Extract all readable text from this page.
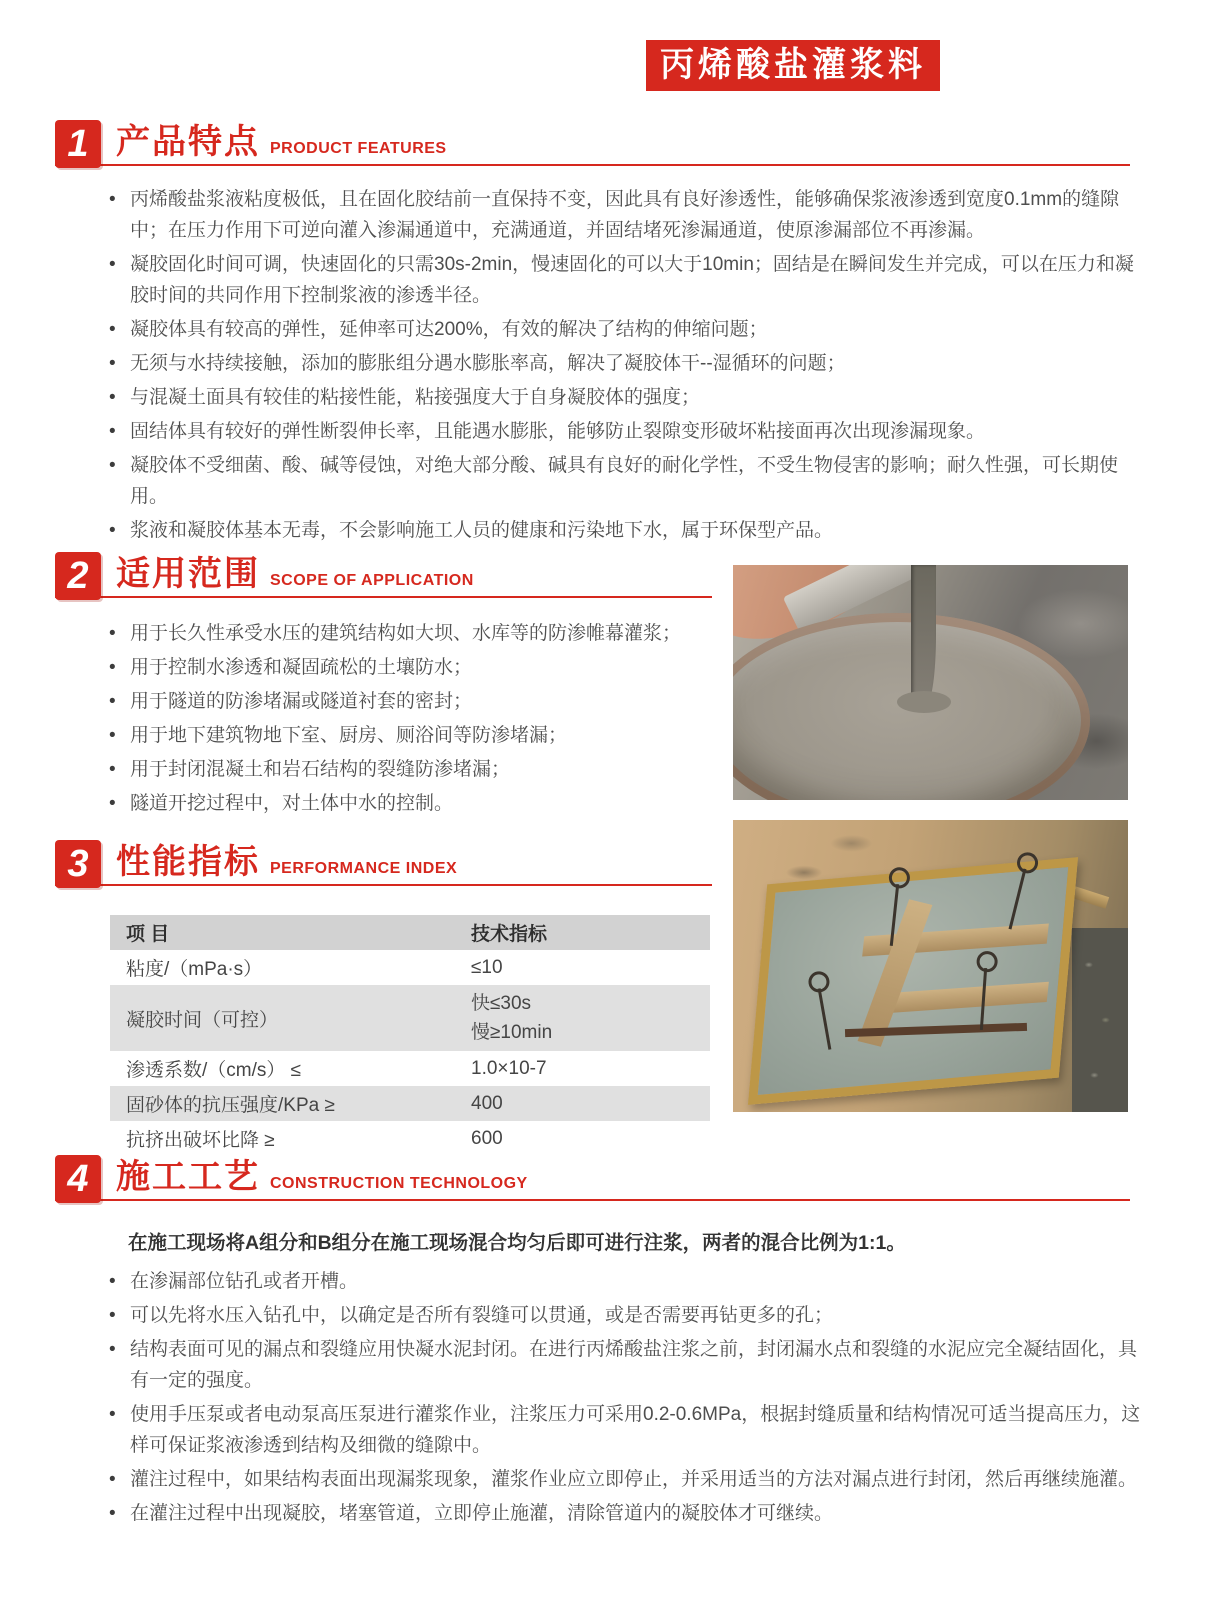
丙烯酸盐灌浆料
1 产品特点 PRODUCT FEATURES
• 丙烯酸盐浆液粘度极低，且在固化胶结前一直保持不变，因此具有良好渗透性，能够确保浆液渗透到宽度0.1mm的缝隙中；在压力作用下可逆向灌入渗漏通道中，充满通道，并固结堵死渗漏通道，使原渗漏部位不再渗漏。
• 凝胶固化时间可调，快速固化的只需30s-2min，慢速固化的可以大于10min；固结是在瞬间发生并完成，可以在压力和凝胶时间的共同作用下控制浆液的渗透半径。
• 凝胶体具有较高的弹性，延伸率可达200%，有效的解决了结构的伸缩问题；
• 无须与水持续接触，添加的膨胀组分遇水膨胀率高，解决了凝胶体干--湿循环的问题；
• 与混凝土面具有较佳的粘接性能，粘接强度大于自身凝胶体的强度；
• 固结体具有较好的弹性断裂伸长率，且能遇水膨胀，能够防止裂隙变形破坏粘接面再次出现渗漏现象。
• 凝胶体不受细菌、酸、碱等侵蚀，对绝大部分酸、碱具有良好的耐化学性，不受生物侵害的影响；耐久性强，可长期使用。
• 浆液和凝胶体基本无毒，不会影响施工人员的健康和污染地下水，属于环保型产品。
2 适用范围 SCOPE OF APPLICATION
• 用于长久性承受水压的建筑结构如大坝、水库等的防渗帷幕灌浆；
• 用于控制水渗透和凝固疏松的土壤防水；
• 用于隧道的防渗堵漏或隧道衬套的密封；
• 用于地下建筑物地下室、厨房、厕浴间等防渗堵漏；
• 用于封闭混凝土和岩石结构的裂缝防渗堵漏；
• 隧道开挖过程中，对土体中水的控制。
3 性能指标 PERFORMANCE INDEX
项 目	技术指标
粘度/（mPa·s）	≤10
凝胶时间（可控）	快≤30s
慢≥10min

渗透系数/（cm/s） ≤	1.0×10-7
固砂体的抗压强度/KPa ≥	400
抗挤出破坏比降 ≥	600
4 施工工艺 CONSTRUCTION TECHNOLOGY

在施工现场将A组分和B组分在施工现场混合均匀后即可进行注浆，两者的混合比例为1:1。

• 在渗漏部位钻孔或者开槽。
• 可以先将水压入钻孔中，以确定是否所有裂缝可以贯通，或是否需要再钻更多的孔；
• 结构表面可见的漏点和裂缝应用快凝水泥封闭。在进行丙烯酸盐注浆之前，封闭漏水点和裂缝的水泥应完全凝结固化，具有一定的强度。
• 使用手压泵或者电动泵高压泵进行灌浆作业，注浆压力可采用0.2-0.6MPa，根据封缝质量和结构情况可适当提高压力，这样可保证浆液渗透到结构及细微的缝隙中。
• 灌注过程中，如果结构表面出现漏浆现象，灌浆作业应立即停止，并采用适当的方法对漏点进行封闭，然后再继续施灌。
• 在灌注过程中出现凝胶，堵塞管道，立即停止施灌，清除管道内的凝胶体才可继续。
